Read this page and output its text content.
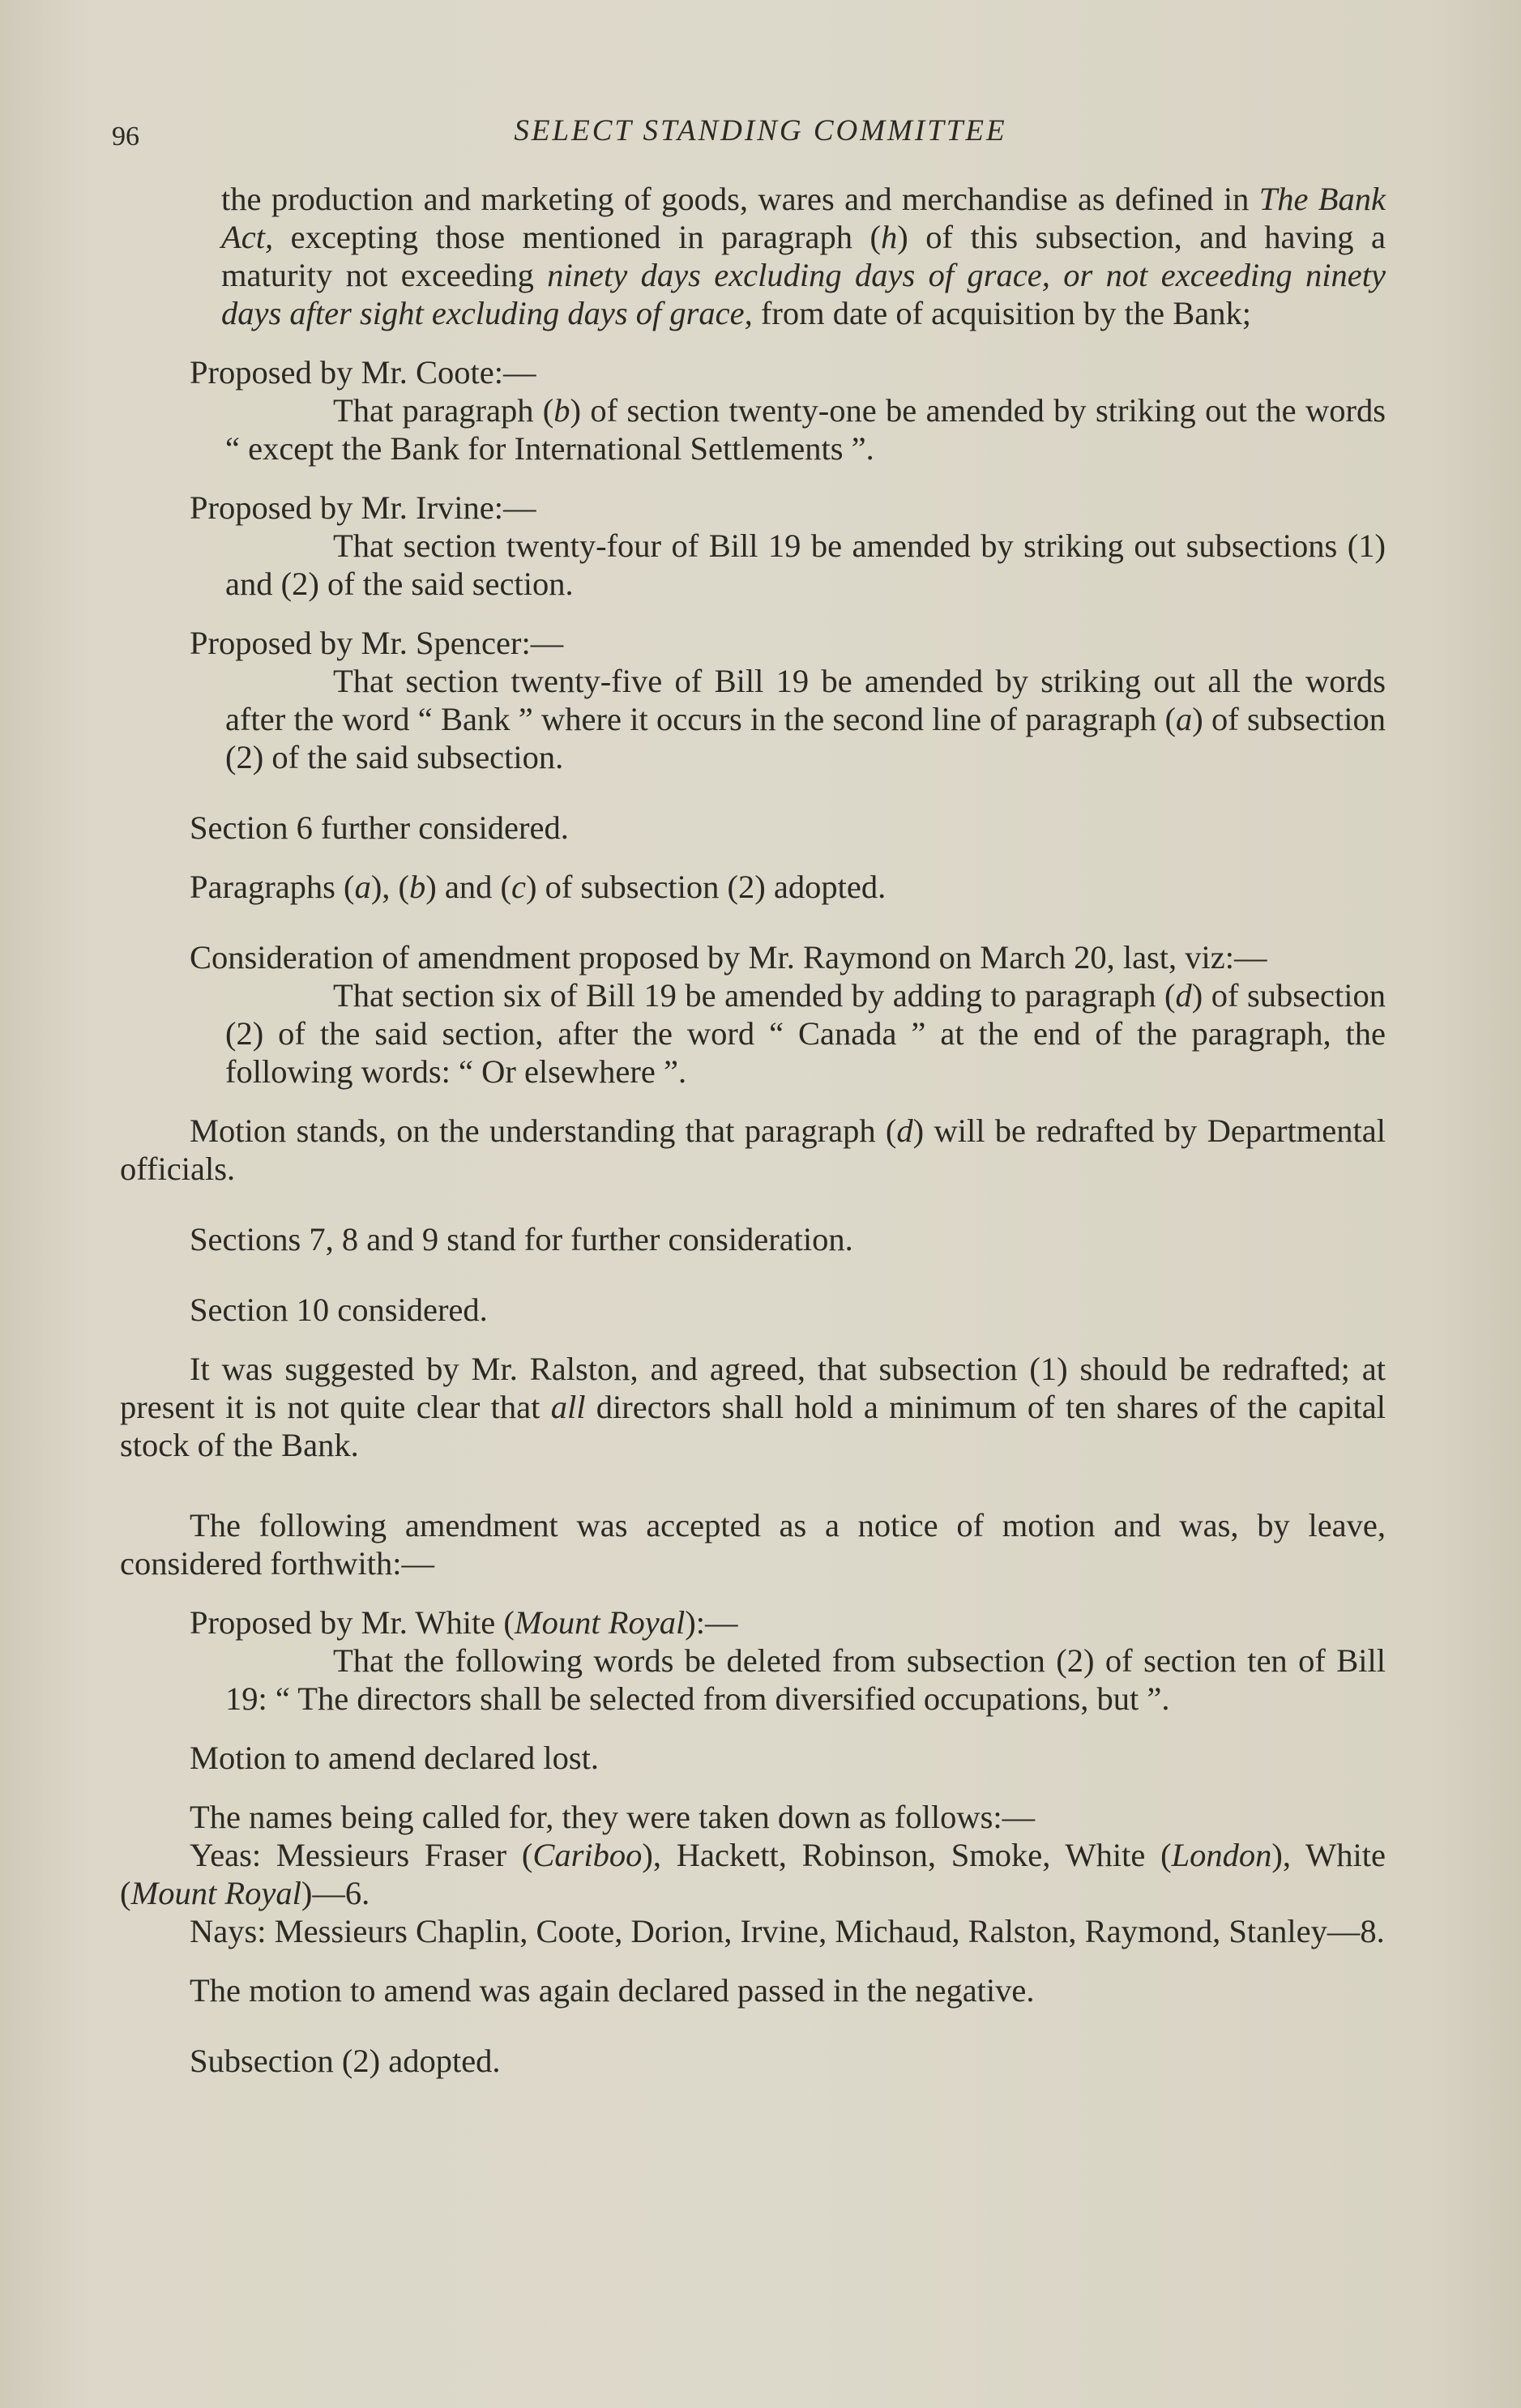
96	SELECT STANDING COMMITTEE

the production and marketing of goods, wares and merchandise as defined in The Bank Act, excepting those mentioned in paragraph (h) of this subsection, and having a maturity not exceeding ninety days excluding days of grace, or not exceeding ninety days after sight excluding days of grace, from date of acquisition by the Bank;

Proposed by Mr. Coote:—

That paragraph (b) of section twenty-one be amended by striking out the words “ except the Bank for International Settlements ”.

Proposed by Mr. Irvine:—

That section twenty-four of Bill 19 be amended by striking out subsections (1) and (2) of the said section.

Proposed by Mr. Spencer:—

That section twenty-five of Bill 19 be amended by striking out all the words after the word “ Bank ” where it occurs in the second line of paragraph (a) of subsection (2) of the said subsection.

Section 6 further considered.

Paragraphs (a), (b) and (c) of subsection (2) adopted.

Consideration of amendment proposed by Mr. Raymond on March 20, last, viz:—

That section six of Bill 19 be amended by adding to paragraph (d) of subsection (2) of the said section, after the word “ Canada ” at the end of the paragraph, the following words: “ Or elsewhere ”.

Motion stands, on the understanding that paragraph (d) will be redrafted by Departmental officials.

Sections 7, 8 and 9 stand for further consideration.

Section 10 considered.

It was suggested by Mr. Ralston, and agreed, that subsection (1) should be redrafted; at present it is not quite clear that all directors shall hold a minimum of ten shares of the capital stock of the Bank.

The following amendment was accepted as a notice of motion and was, by leave, considered forthwith:—

Proposed by Mr. White (Mount Royal):—

That the following words be deleted from subsection (2) of section ten of Bill 19: “ The directors shall be selected from diversified occupations, but ”.

Motion to amend declared lost.

The names being called for, they were taken down as follows:—

Yeas: Messieurs Fraser (Cariboo), Hackett, Robinson, Smoke, White (London), White (Mount Royal)—6.

Nays: Messieurs Chaplin, Coote, Dorion, Irvine, Michaud, Ralston, Raymond, Stanley—8.

The motion to amend was again declared passed in the negative.

Subsection (2) adopted.
